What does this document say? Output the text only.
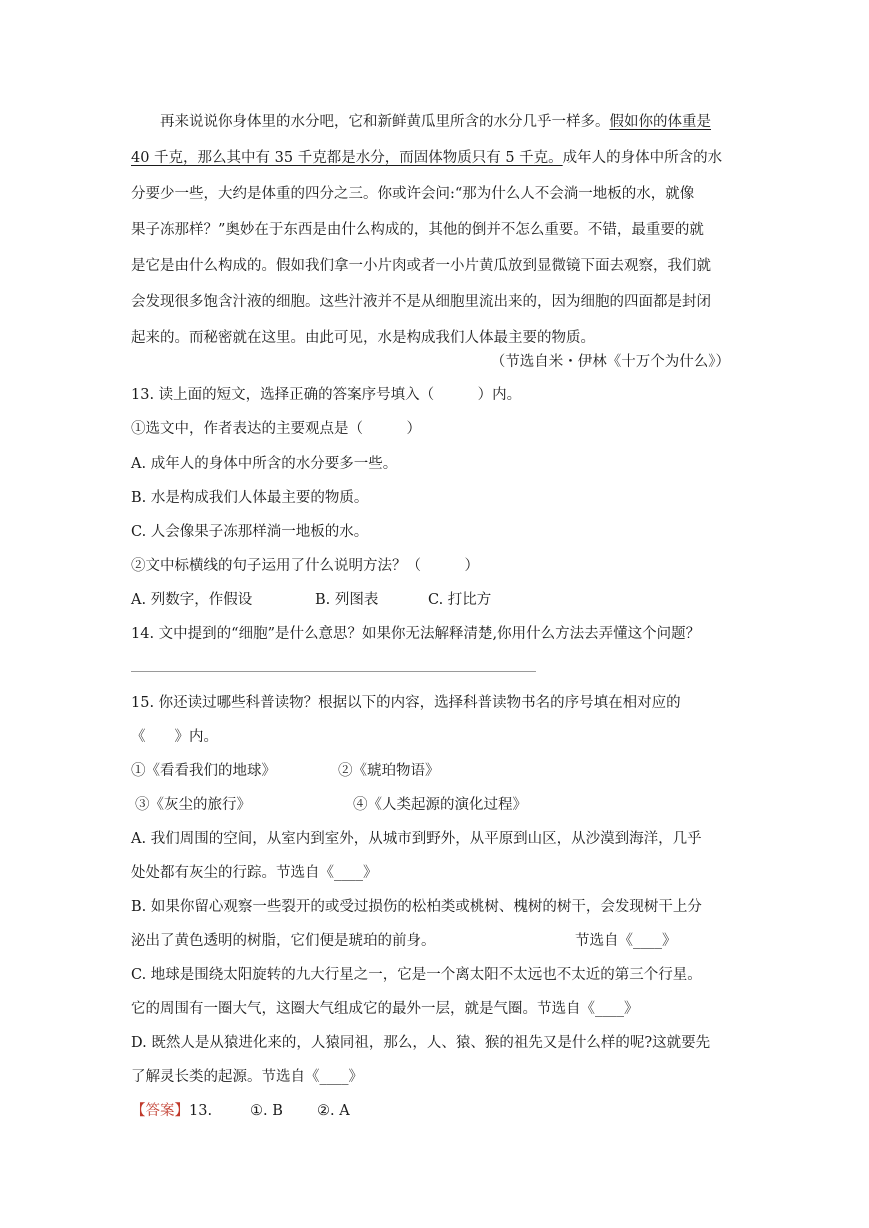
再来说说你身体里的水分吧，它和新鲜黄瓜里所含的水分几乎一样多。假如你的体重是
40 千克，那么其中有 35 千克都是水分，而固体物质只有 5 千克。成年人的身体中所含的水
分要少一些，大约是体重的四分之三。你或许会问:“那为什么人不会淌一地板的水，就像
果子冻那样？”奥妙在于东西是由什么构成的，其他的倒并不怎么重要。不错，最重要的就
是它是由什么构成的。假如我们拿一小片肉或者一小片黄瓜放到显微镜下面去观察，我们就
会发现很多饱含汁液的细胞。这些汁液并不是从细胞里流出来的，因为细胞的四面都是封闭
起来的。而秘密就在这里。由此可见，水是构成我们人体最主要的物质。
（节选自米・伊林《十万个为什么》）
13. 读上面的短文，选择正确的答案序号填入（　　　）内。
①选文中，作者表达的主要观点是（　　　）
A. 成年人的身体中所含的水分要多一些。
B. 水是构成我们人体最主要的物质。
C. 人会像果子冻那样淌一地板的水。
②文中标横线的句子运用了什么说明方法？（　　　）
A. 列数字，作假设	B. 列图表	C. 打比方
14. 文中提到的“细胞”是什么意思？如果你无法解释清楚,你用什么方法去弄懂这个问题？
15. 你还读过哪些科普读物？根据以下的内容，选择科普读物书名的序号填在相对应的
《　　》内。
①《看看我们的地球》	②《琥珀物语》
③《灰尘的旅行》	④《人类起源的演化过程》
A. 我们周围的空间，从室内到室外，从城市到野外，从平原到山区，从沙漠到海洋，几乎
处处都有灰尘的行踪。节选自《____》
B. 如果你留心观察一些裂开的或受过损伤的松柏类或桃树、槐树的树干，会发现树干上分
泌出了黄色透明的树脂，它们便是琥珀的前身。	节选自《____》
C. 地球是围绕太阳旋转的九大行星之一，它是一个离太阳不太远也不太近的第三个行星。
它的周围有一圈大气，这圈大气组成它的最外一层，就是气圈。节选自《____》
D. 既然人是从猿进化来的，人猿同祖，那么，人、猿、猴的祖先又是什么样的呢?这就要先
了解灵长类的起源。节选自《____》
【答案】13.	①. B ②. A
